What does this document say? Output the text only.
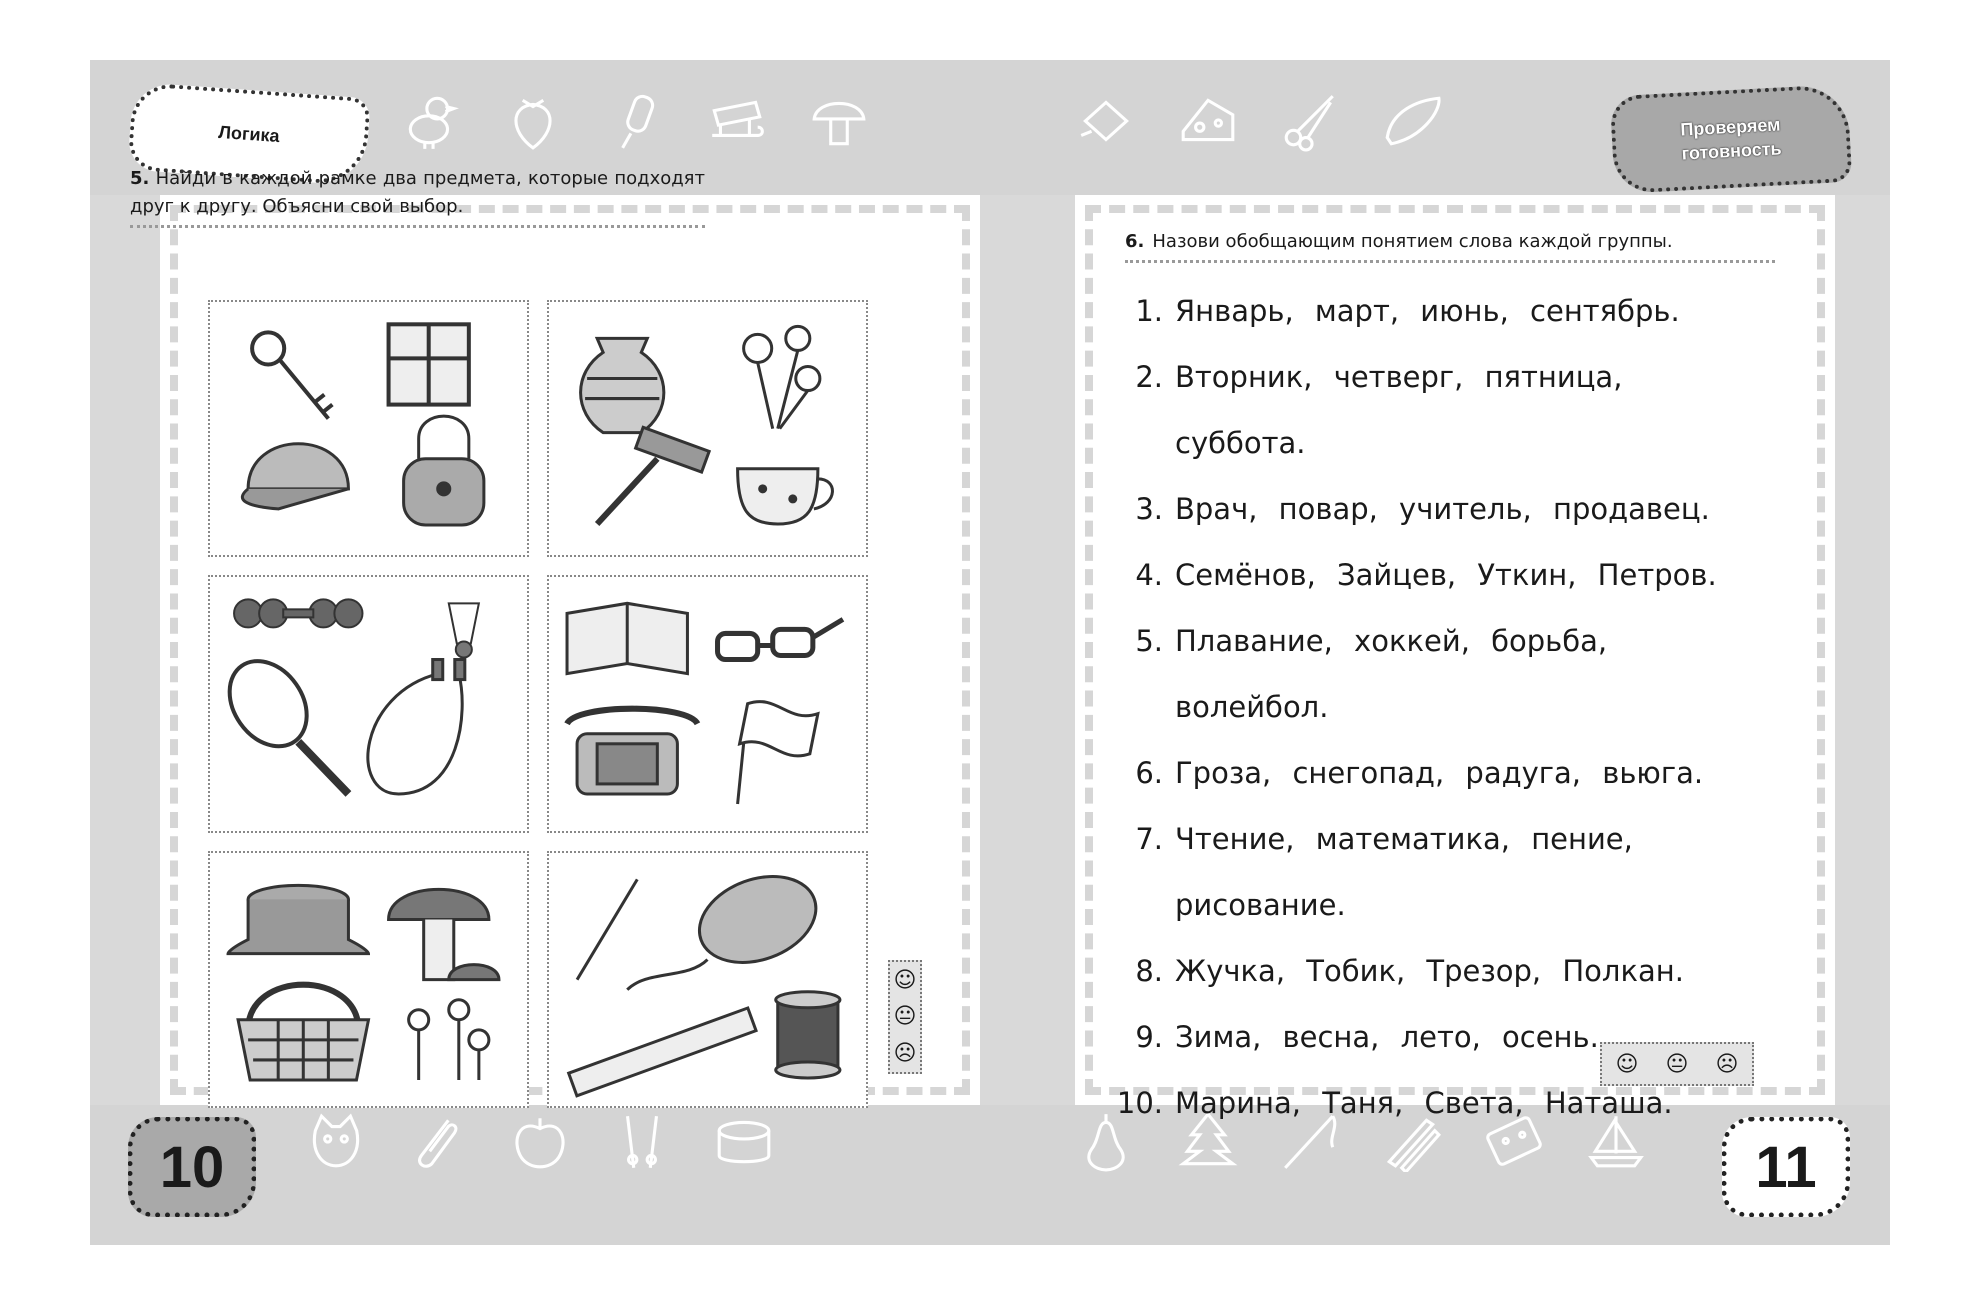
Логика	Проверяем
готовность
10	11
5. Найди в каждой рамке два предмета, которые подходят друг к другу. Объясни свой выбор.
☺
😐
☹
6. Назови обобщающим понятием слова каждой группы.
1. Январь, март, июнь, сентябрь.
2. Вторник, четверг, пятница, суббота.
3. Врач, повар, учитель, продавец.
4. Семёнов, Зайцев, Уткин, Петров.
5. Плавание, хоккей, борьба, волейбол.
6. Гроза, снегопад, радуга, вьюга.
7. Чтение, математика, пение,
рисование.
8. Жучка, Тобик, Трезор, Полкан.
9. Зима, весна, лето, осень.
10. Марина, Таня, Света, Наташа.
☺ 😐 ☹
